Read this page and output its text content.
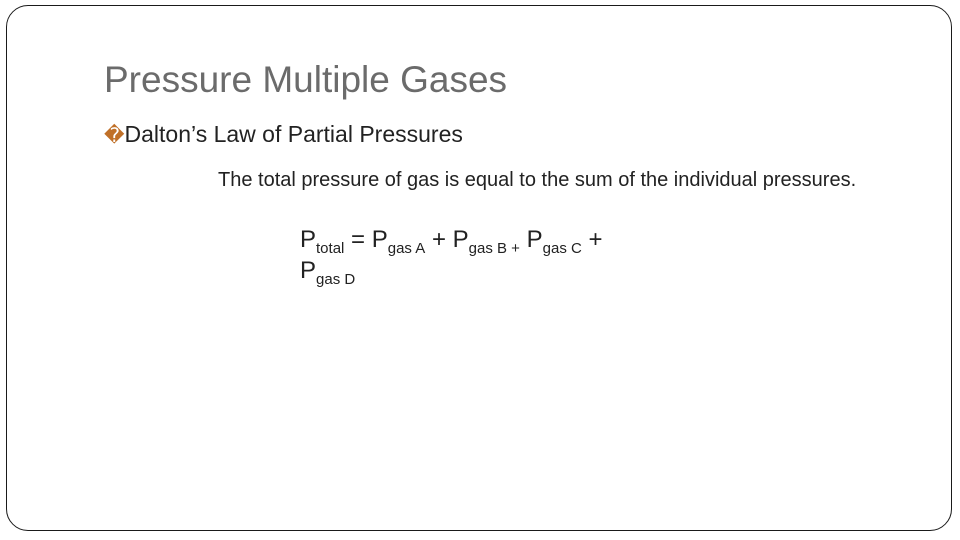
Pressure Multiple Gases
�Dalton’s Law of Partial Pressures
The total pressure of gas is equal to the sum of the individual pressures.
$P_{total} = P_{gas A} + P_{gas B +}$ $P_{gas C}$ +
$P_{gas D}$
